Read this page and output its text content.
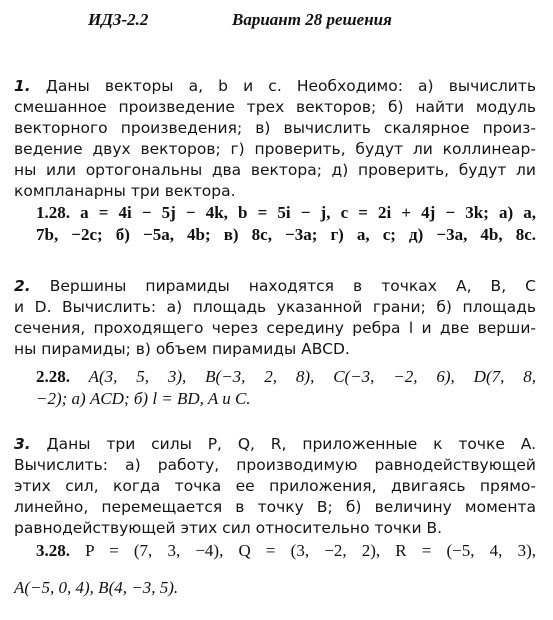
ИДЗ-2.2	Вариант 28 решения
1. Даны векторы a, b и c. Необходимо: а) вычислить
смешанное произведение трех векторов; б) найти модуль
векторного произведения; в) вычислить скалярное произ-
ведение двух векторов; г) проверить, будут ли коллинеар-
ны или ортогональны два вектора; д) проверить, будут ли
компланарны три вектора.
1.28. a = 4i − 5j − 4k, b = 5i − j, c = 2i + 4j − 3k; а) a,
7b, −2c; б) −5a, 4b; в) 8c, −3a; г) a, c; д) −3a, 4b, 8c.
2. Вершины пирамиды находятся в точках A, B, C
и D. Вычислить: а) площадь указанной грани; б) площадь
сечения, проходящего через середину ребра l и две верши-
ны пирамиды; в) объем пирамиды ABCD.
2.28. A(3, 5, 3), B(−3, 2, 8), C(−3, −2, 6), D(7, 8,
−2); а) ACD; б) l = BD, A и C.
3. Даны три силы P, Q, R, приложенные к точке A.
Вычислить: а) работу, производимую равнодействующей
этих сил, когда точка ее приложения, двигаясь прямо-
линейно, перемещается в точку B; б) величину момента
равнодействующей этих сил относительно точки B.
3.28. P = (7, 3, −4), Q = (3, −2, 2), R = (−5, 4, 3),
A(−5, 0, 4), B(4, −3, 5).
